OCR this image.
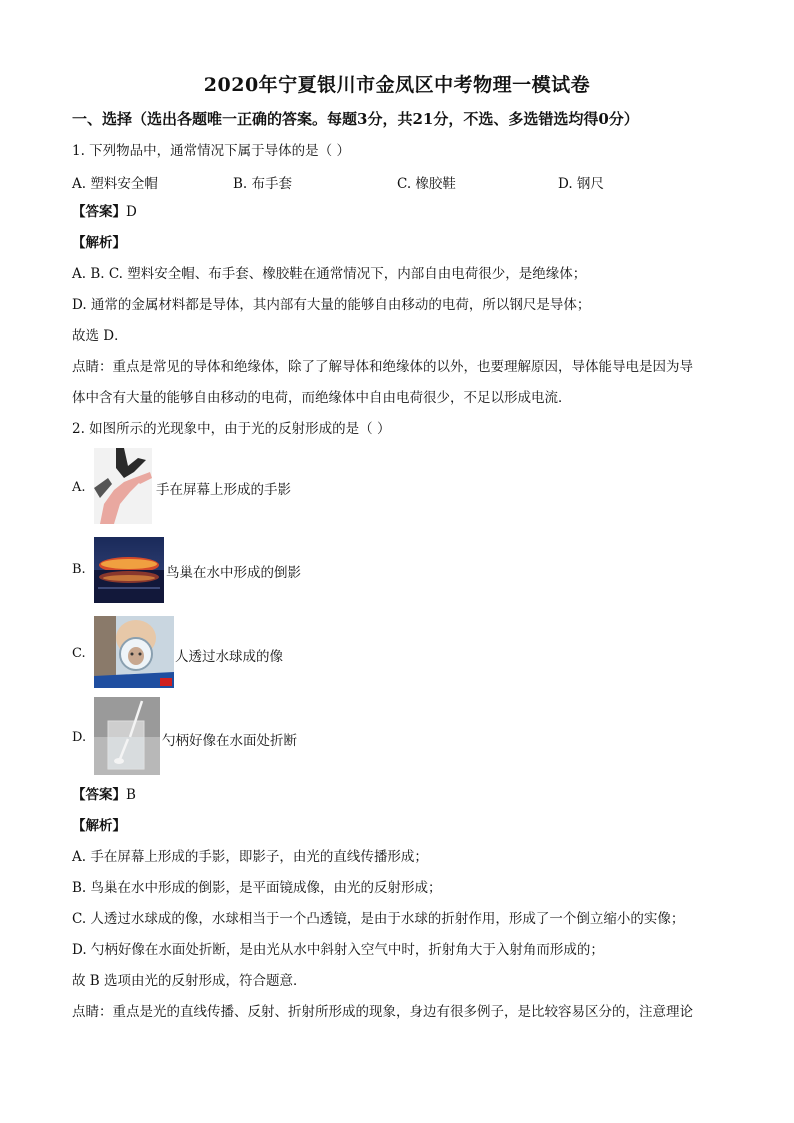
2020年宁夏银川市金凤区中考物理一模试卷
一、选择（选出各题唯一正确的答案。每题3分，共21分，不选、多选错选均得0分）
1. 下列物品中，通常情况下属于导体的是（ ）
A. 塑料安全帽	B. 布手套	C. 橡胶鞋	D. 钢尺
【答案】D
【解析】
A. B. C. 塑料安全帽、布手套、橡胶鞋在通常情况下，内部自由电荷很少，是绝缘体；
D. 通常的金属材料都是导体，其内部有大量的能够自由移动的电荷，所以钢尺是导体；
故选 D．
点睛：重点是常见的导体和绝缘体，除了了解导体和绝缘体的以外，也要理解原因，导体能导电是因为导
体中含有大量的能够自由移动的电荷，而绝缘体中自由电荷很少，不足以形成电流．
2. 如图所示的光现象中，由于光的反射形成的是（ ）
A.	手在屏幕上形成的手影
B.	鸟巢在水中形成的倒影
C.	人透过水球成的像
D.	勺柄好像在水面处折断
【答案】B
【解析】
A. 手在屏幕上形成的手影，即影子，由光的直线传播形成；
B. 鸟巢在水中形成的倒影，是平面镜成像，由光的反射形成；
C. 人透过水球成的像，水球相当于一个凸透镜，是由于水球的折射作用，形成了一个倒立缩小的实像；
D. 勺柄好像在水面处折断，是由光从水中斜射入空气中时，折射角大于入射角而形成的；
故 B 选项由光的反射形成，符合题意．
点睛：重点是光的直线传播、反射、折射所形成的现象，身边有很多例子，是比较容易区分的，注意理论
